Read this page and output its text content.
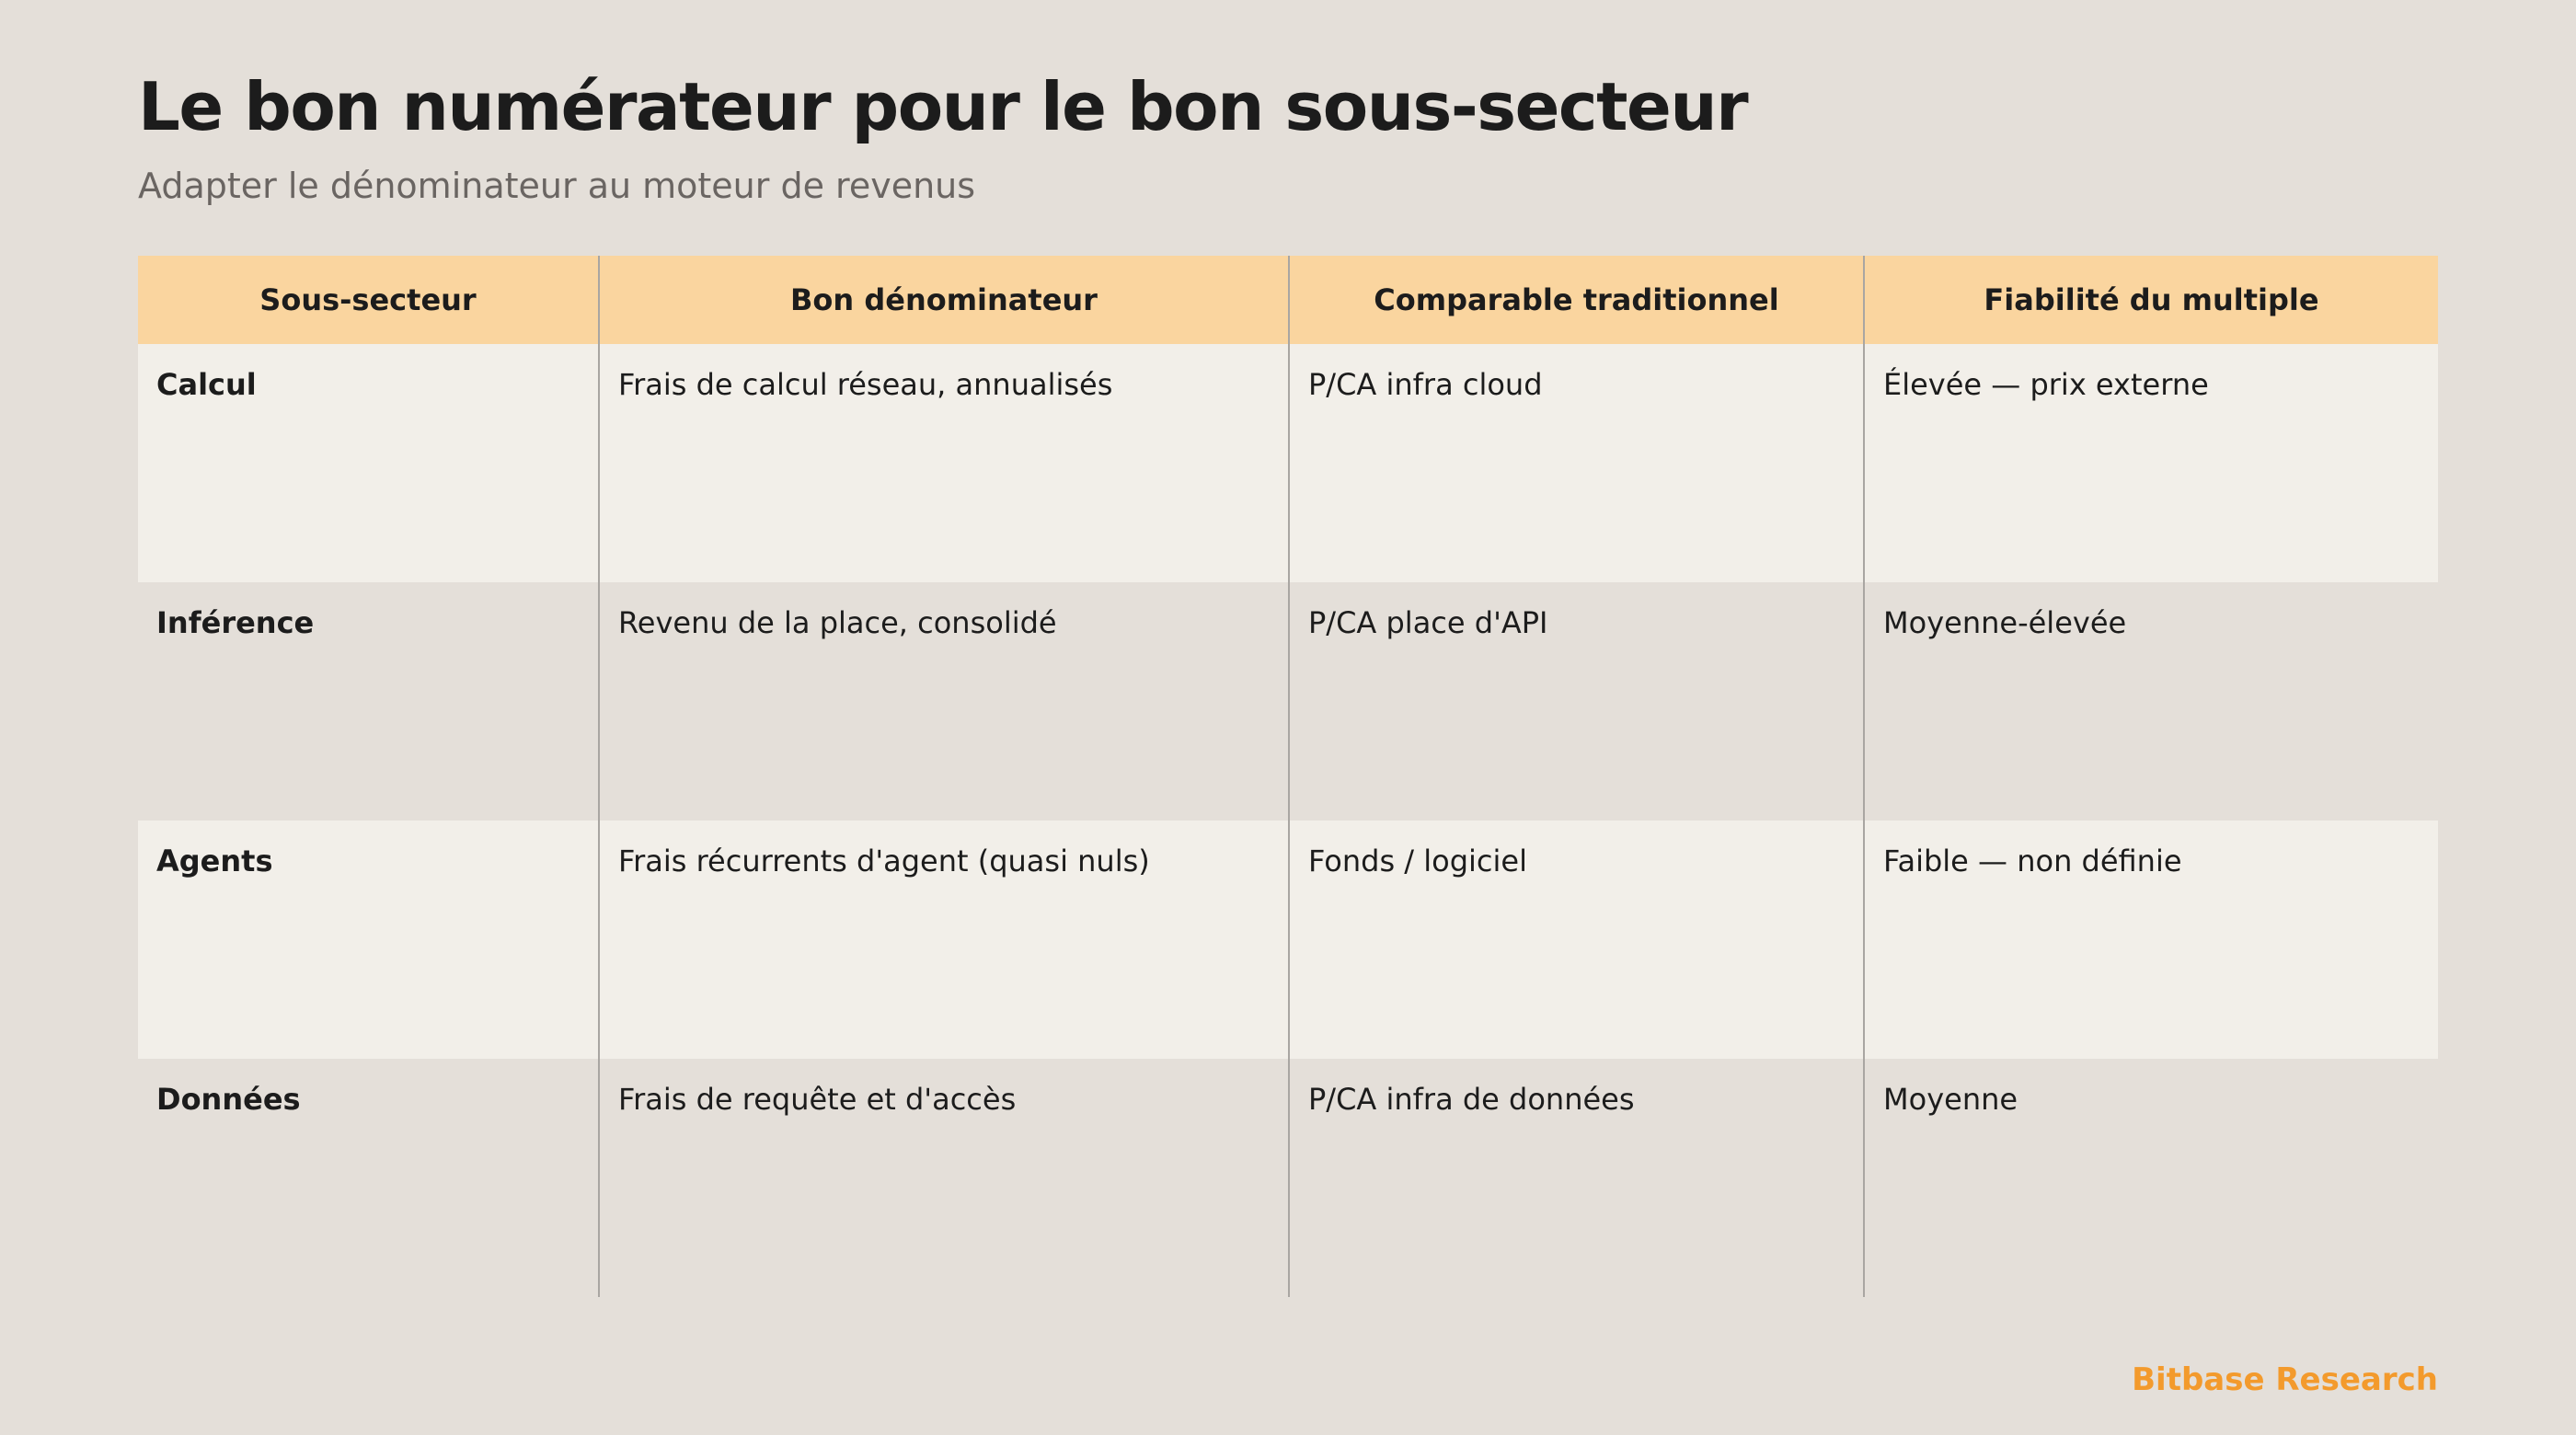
Le bon numérateur pour le bon sous-secteur

Adapter le dénominateur au moteur de revenus

Sous-secteur	Bon dénominateur	Comparable traditionnel	Fiabilité du multiple
Calcul	Frais de calcul réseau, annualisés	P/CA infra cloud	Élevée — prix externe
Inférence	Revenu de la place, consolidé	P/CA place d'API	Moyenne-élevée
Agents	Frais récurrents d'agent (quasi nuls)	Fonds / logiciel	Faible — non définie
Données	Frais de requête et d'accès	P/CA infra de données	Moyenne
Bitbase Research
